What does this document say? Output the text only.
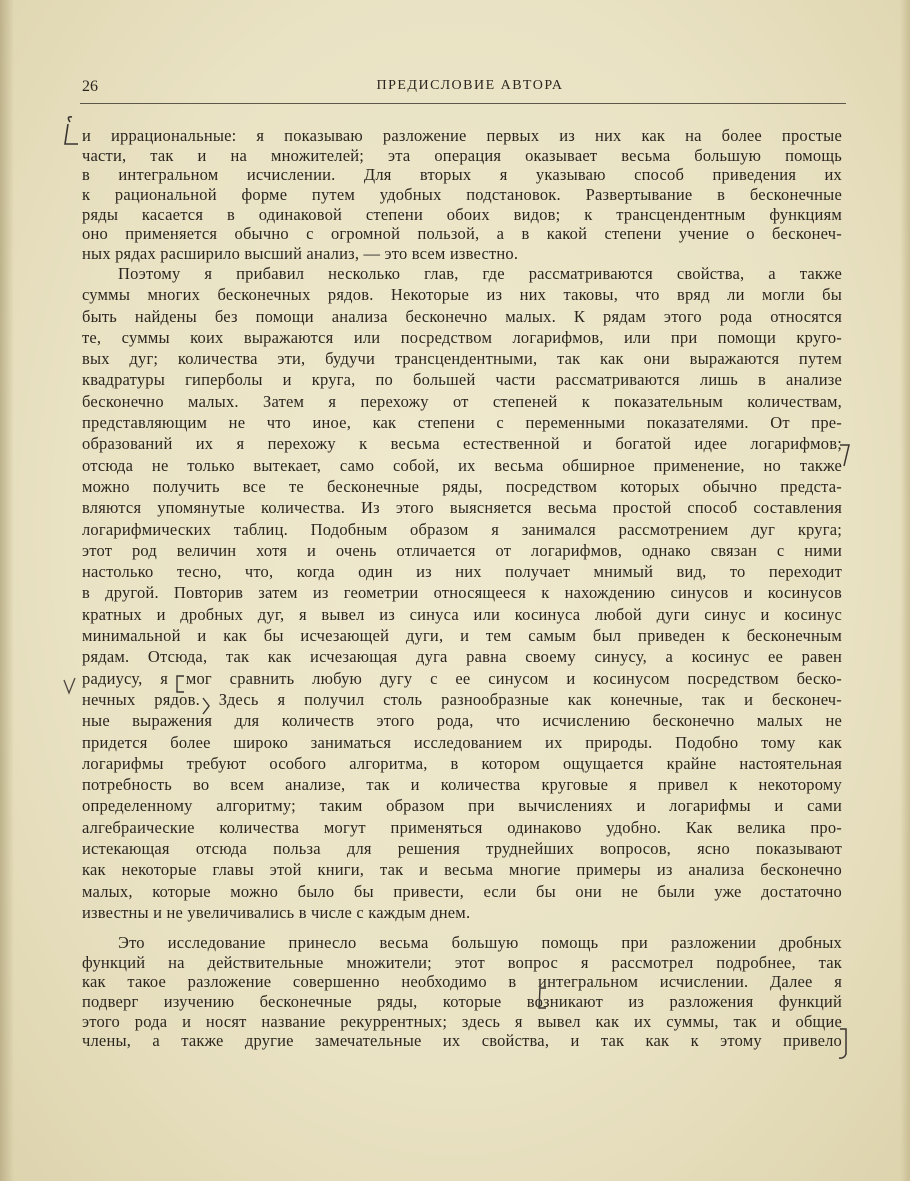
26	ПРЕДИСЛОВИЕ АВТОРА
и иррациональные: я показываю разложение первых из них как на более простые
части, так и на множителей; эта операция оказывает весьма большую помощь
в интегральном исчислении. Для вторых я указываю способ приведения их
к рациональной форме путем удобных подстановок. Развертывание в бесконечные
ряды касается в одинаковой степени обоих видов; к трансцендентным функциям
оно применяется обычно с огромной пользой, а в какой степени учение о бесконеч-
ных рядах расширило высший анализ, — это всем известно.
Поэтому я прибавил несколько глав, где рассматриваются свойства, а также
суммы многих бесконечных рядов. Некоторые из них таковы, что вряд ли могли бы
быть найдены без помощи анализа бесконечно малых. К рядам этого рода относятся
те, суммы коих выражаются или посредством логарифмов, или при помощи круго-
вых дуг; количества эти, будучи трансцендентными, так как они выражаются путем
квадратуры гиперболы и круга, по большей части рассматриваются лишь в анализе
бесконечно малых. Затем я перехожу от степеней к показательным количествам,
представляющим не что иное, как степени с переменными показателями. От пре-
образований их я перехожу к весьма естественной и богатой идее логарифмов;
отсюда не только вытекает, само собой, их весьма обширное применение, но также
можно получить все те бесконечные ряды, посредством которых обычно предста-
вляются упомянутые количества. Из этого выясняется весьма простой способ составления
логарифмических таблиц. Подобным образом я занимался рассмотрением дуг круга;
этот род величин хотя и очень отличается от логарифмов, однако связан с ними
настолько тесно, что, когда один из них получает мнимый вид, то переходит
в другой. Повторив затем из геометрии относящееся к нахождению синусов и косинусов
кратных и дробных дуг, я вывел из синуса или косинуса любой дуги синус и косинус
минимальной и как бы исчезающей дуги, и тем самым был приведен к бесконечным
рядам. Отсюда, так как исчезающая дуга равна своему синусу, а косинус ее равен
радиусу, я мог сравнить любую дугу с ее синусом и косинусом посредством беско-
нечных рядов. Здесь я получил столь разнообразные как конечные, так и бесконеч-
ные выражения для количеств этого рода, что исчислению бесконечно малых не
придется более широко заниматься исследованием их природы. Подобно тому как
логарифмы требуют особого алгоритма, в котором ощущается крайне настоятельная
потребность во всем анализе, так и количества круговые я привел к некоторому
определенному алгоритму; таким образом при вычислениях и логарифмы и сами
алгебраические количества могут применяться одинаково удобно. Как велика про-
истекающая отсюда польза для решения труднейших вопросов, ясно показывают
как некоторые главы этой книги, так и весьма многие примеры из анализа бесконечно
малых, которые можно было бы привести, если бы они не были уже достаточно
известны и не увеличивались в числе с каждым днем.
Это исследование принесло весьма большую помощь при разложении дробных
функций на действительные множители; этот вопрос я рассмотрел подробнее, так
как такое разложение совершенно необходимо в интегральном исчислении. Далее я
подверг изучению бесконечные ряды, которые возникают из разложения функций
этого рода и носят название рекуррентных; здесь я вывел как их суммы, так и общие
члены, а также другие замечательные их свойства, и так как к этому привело
